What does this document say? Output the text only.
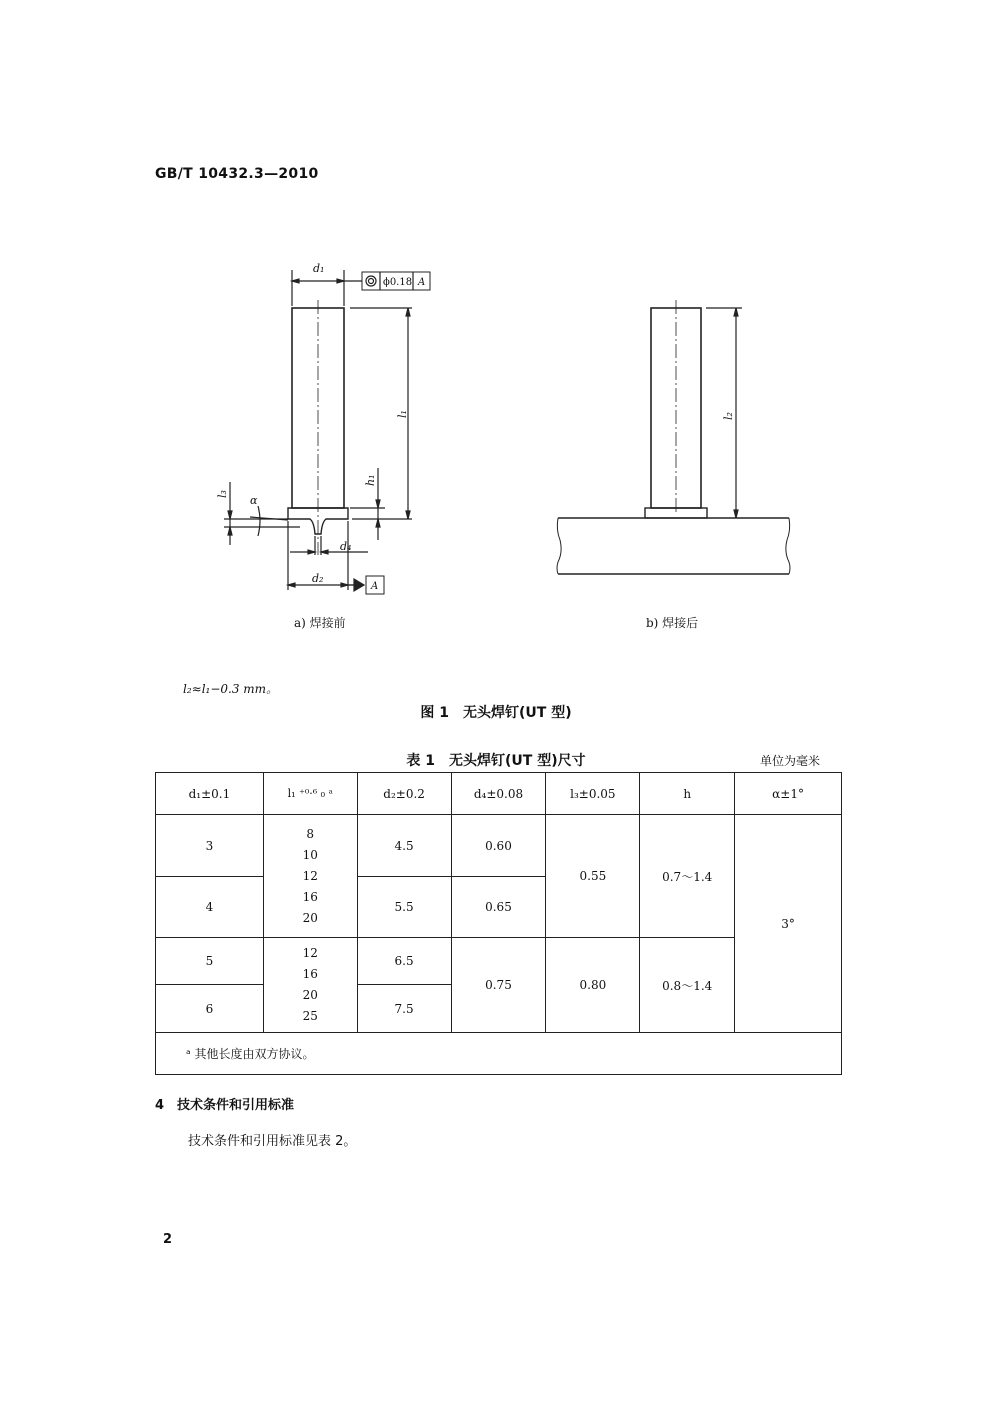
GB/T 10432.3—2010
d₁
ϕ0.18 A
l₁
h₁
l₃ α
d₄
d₂
A
l₂
a) 焊接前	b) 焊接后
l₂≈l₁−0.3 mm。
图 1　无头焊钉(UT 型)
表 1　无头焊钉(UT 型)尺寸	单位为毫米
d₁±0.1	l₁ ⁺⁰·⁶ ₀ ᵃ	d₂±0.2	d₄±0.08	l₃±0.05	h	α±1°
3	8
10
12
16
20	4.5	0.60	0.55	0.7～1.4	3°
4		5.5	0.65			
5	12
16
20
25	6.5	0.75	0.80	0.8～1.4	
6		7.5				
ᵃ 其他长度由双方协议。						
4　技术条件和引用标准
技术条件和引用标准见表 2。
2
